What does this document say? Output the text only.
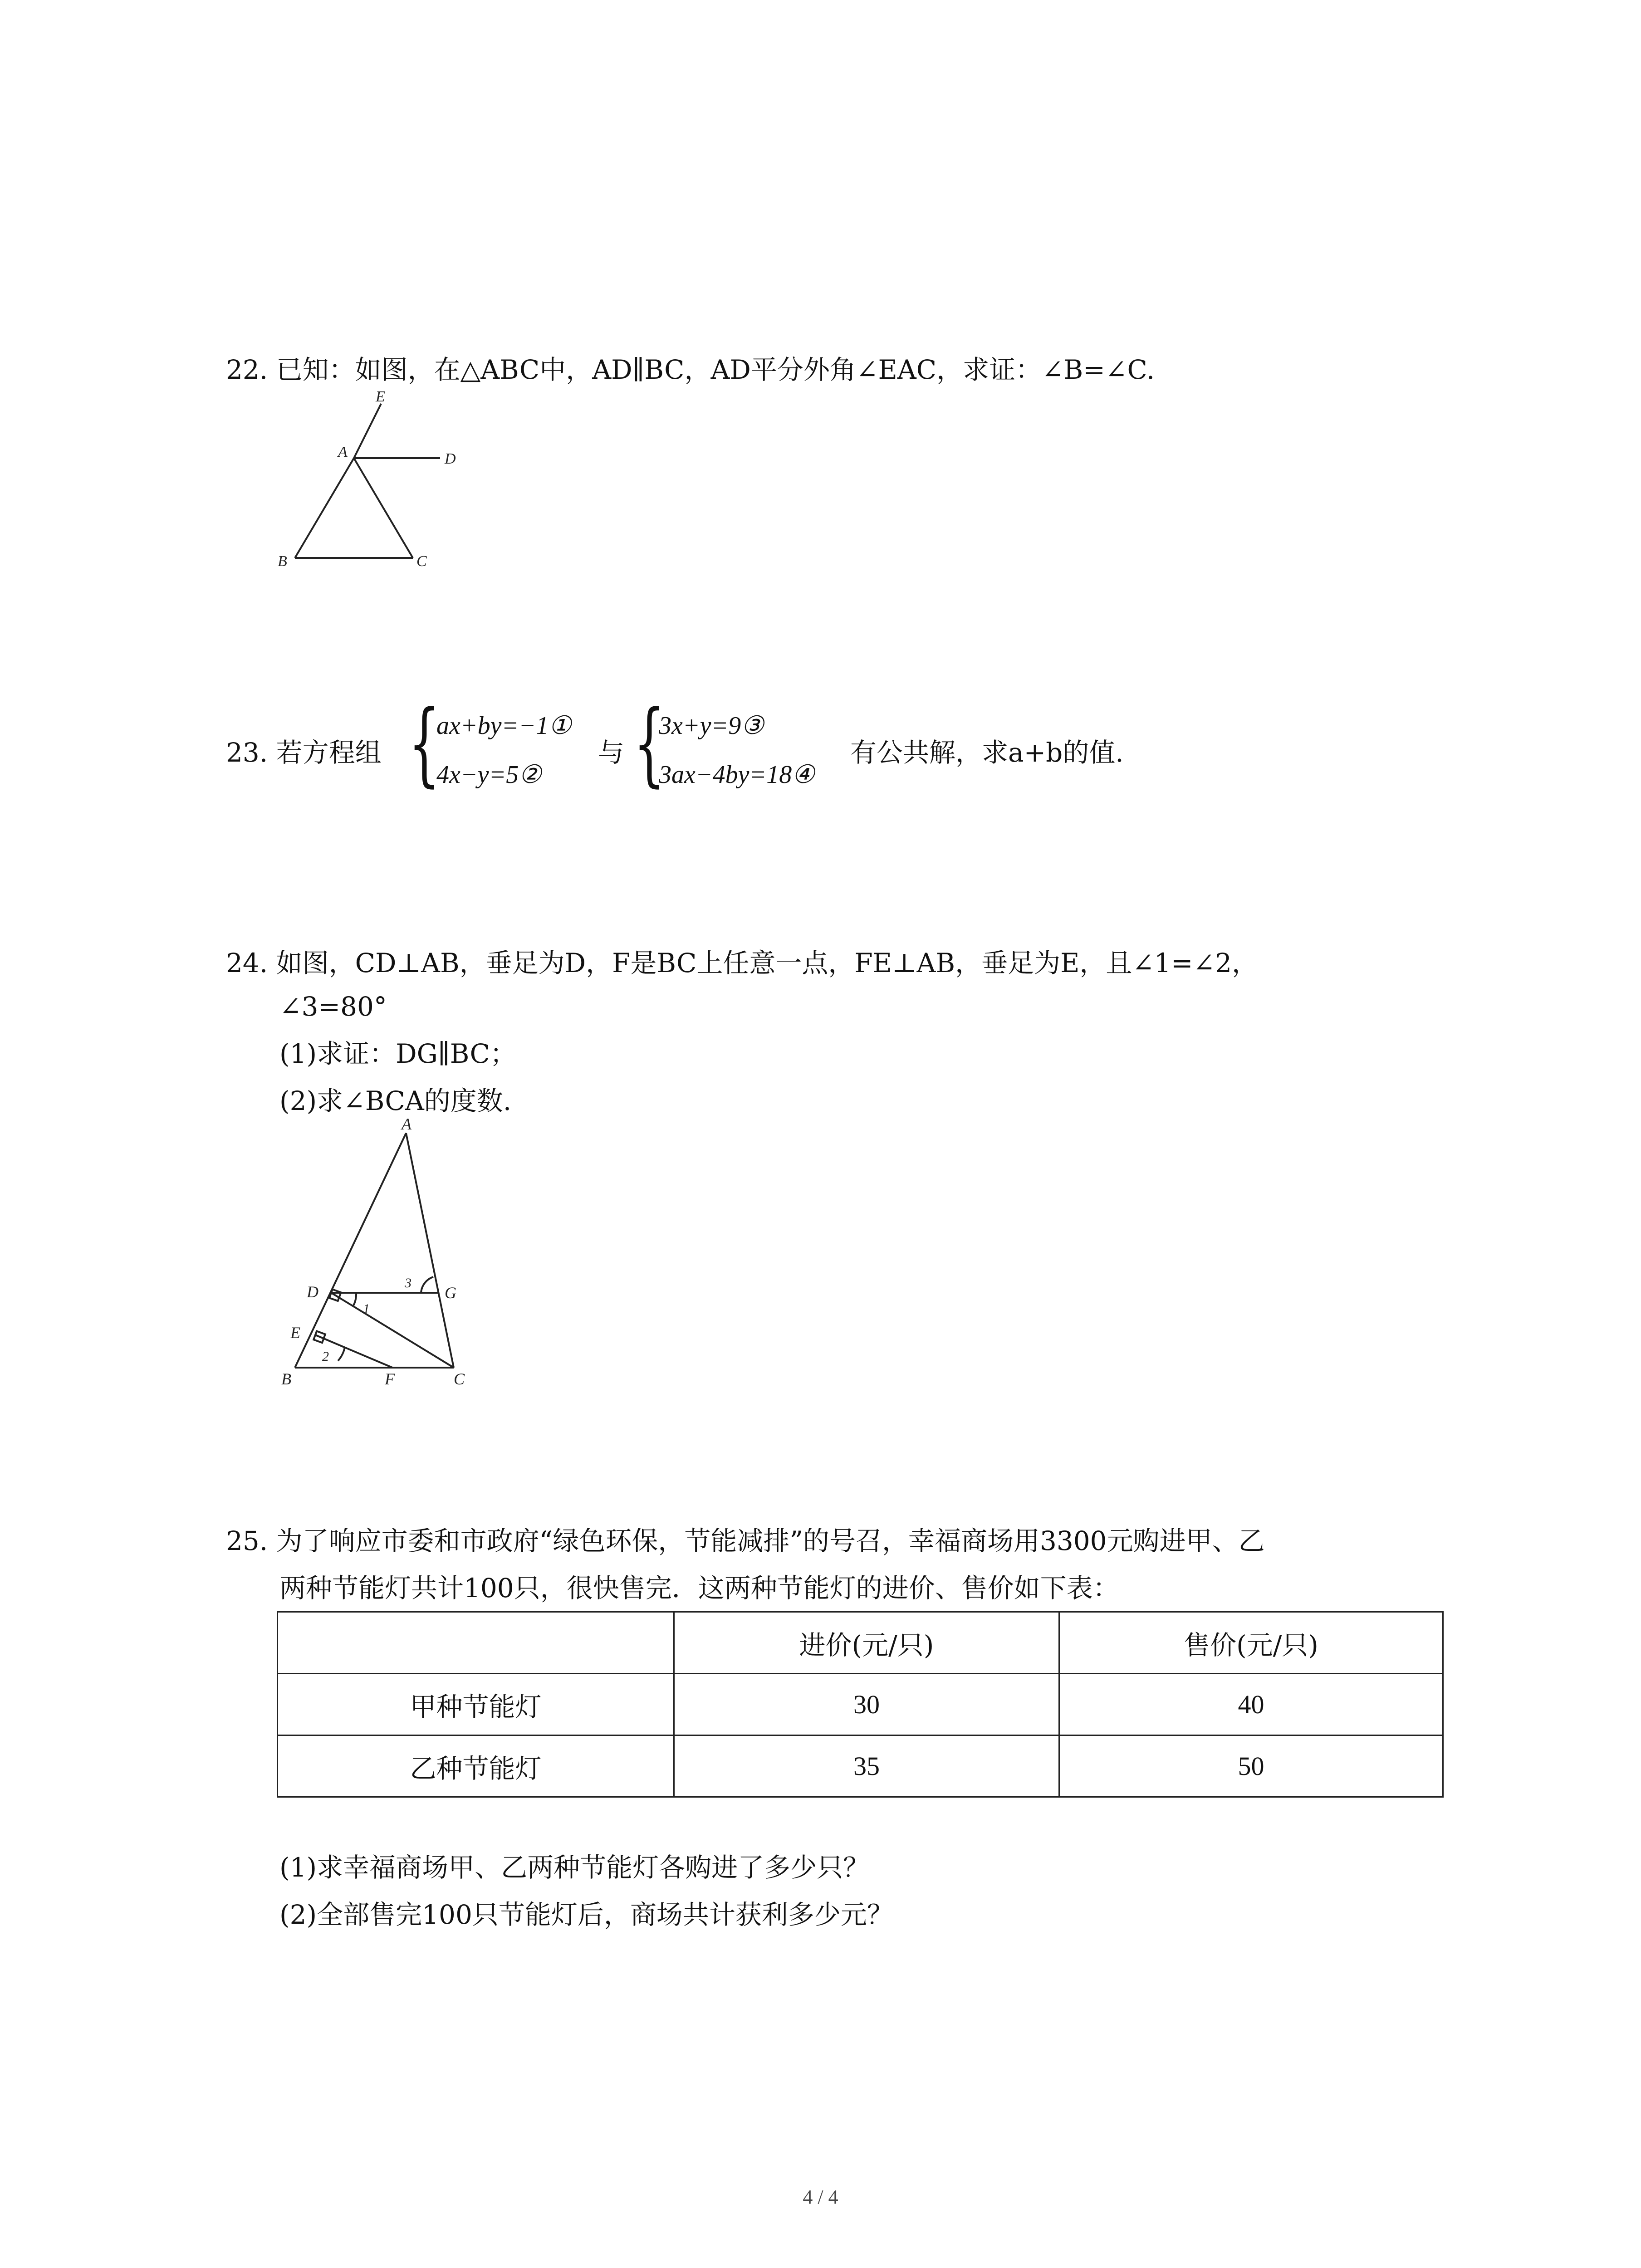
22. 已知：如图，在△ABC中，AD∥BC，AD平分外角∠EAC，求证：∠B=∠C.
E
A	D
B	C
23. 若方程组 {
ax+by=−1①
4x−y=5②
与 {
3x+y=9③
3ax−4by=18④
有公共解，求a+b的值.
24. 如图，CD⊥AB，垂足为D，F是BC上任意一点，FE⊥AB，垂足为E，且∠1=∠2，
∠3=80°
(1)求证：DG∥BC；
(2)求∠BCA的度数.
A
D	G
E
B	F	C
1
2
3
25. 为了响应市委和市政府“绿色环保，节能减排”的号召，幸福商场用3300元购进甲、乙
两种节能灯共计100只，很快售完．这两种节能灯的进价、售价如下表：
	进价(元/只)	售价(元/只)
甲种节能灯	30	40
乙种节能灯	35	50
(1)求幸福商场甲、乙两种节能灯各购进了多少只？
(2)全部售完100只节能灯后，商场共计获利多少元？
4 / 4
